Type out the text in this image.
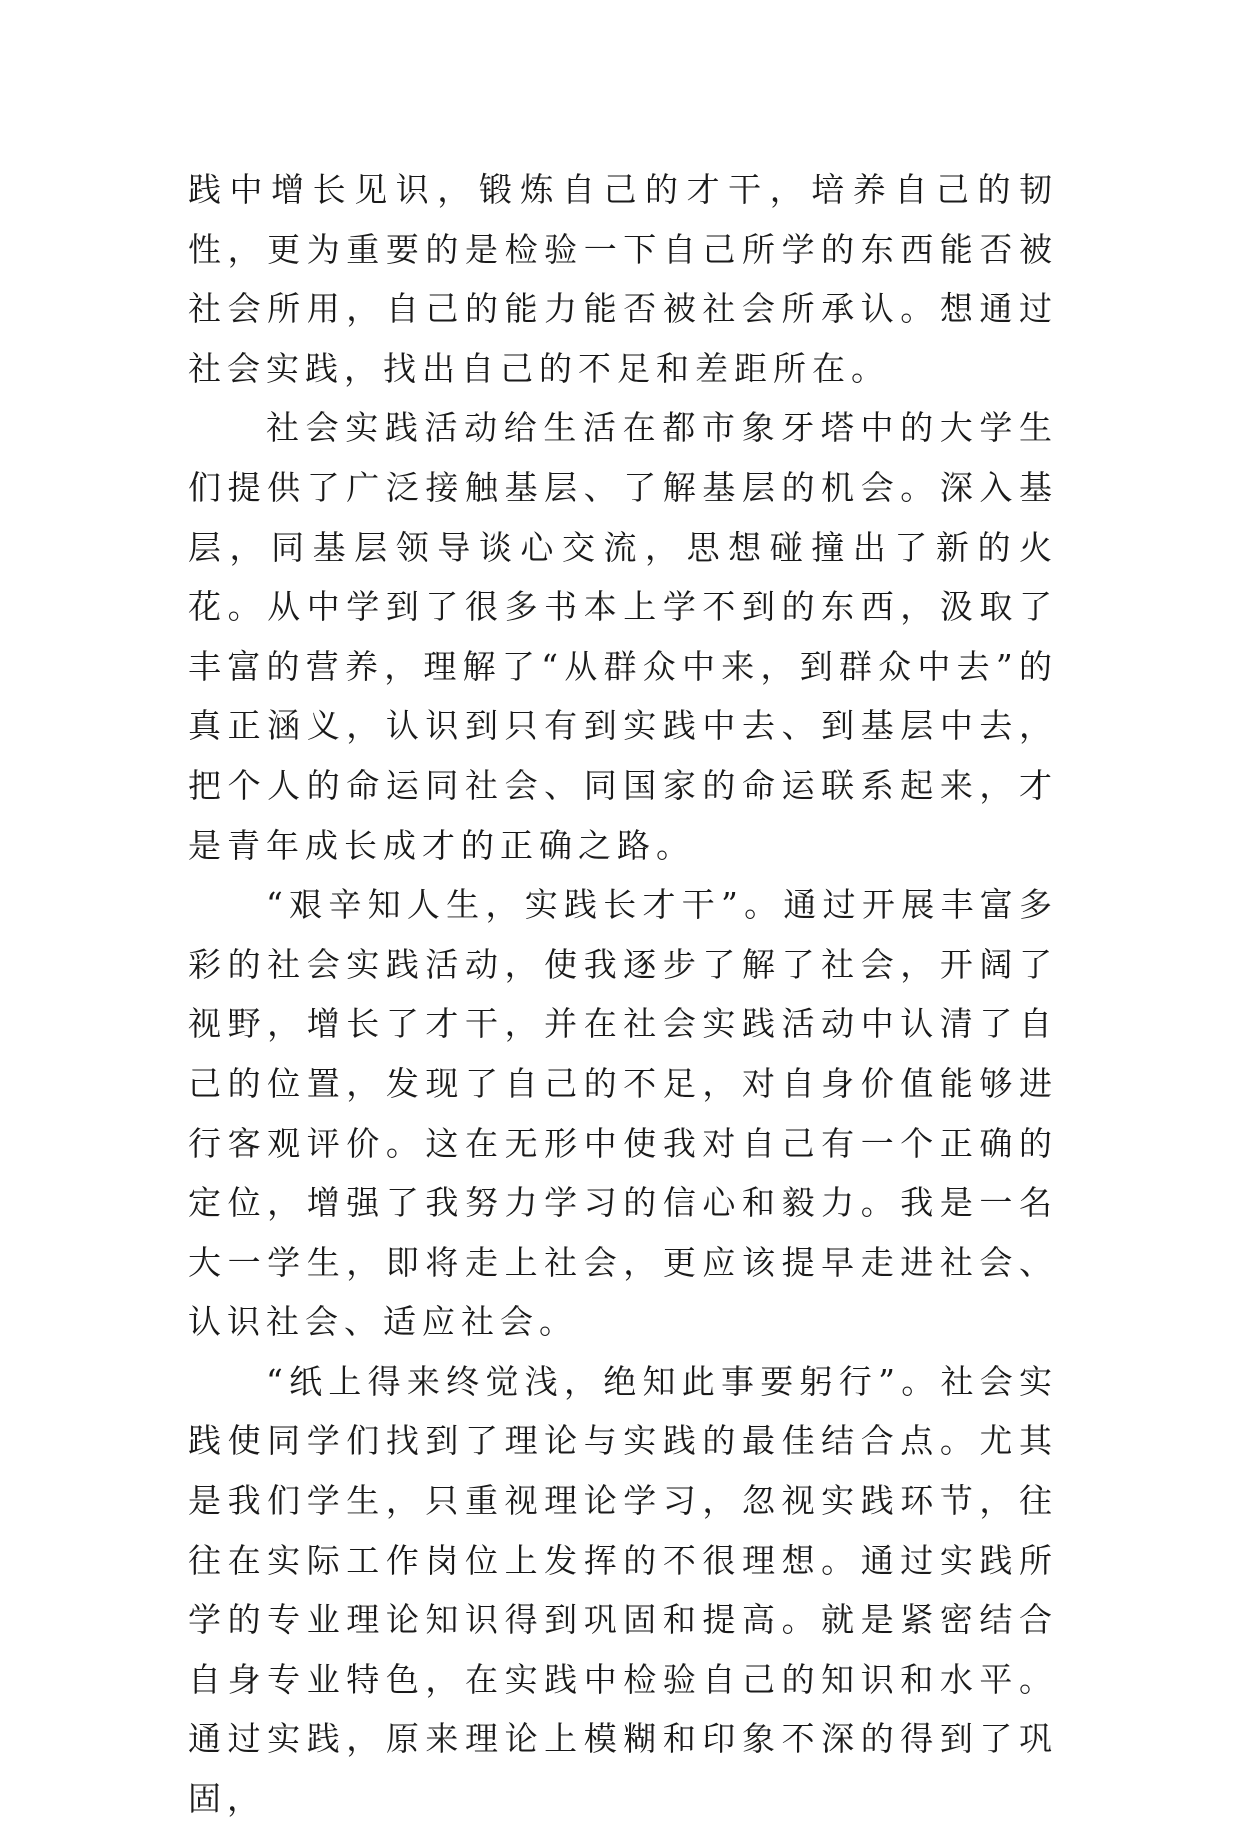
践中增长见识，锻炼自己的才干，培养自己的韧性，更为重要的是检验一下自己所学的东西能否被社会所用，自己的能力能否被社会所承认。想通过社会实践，找出自己的不足和差距所在。

社会实践活动给生活在都市象牙塔中的大学生们提供了广泛接触基层、了解基层的机会。深入基层，同基层领导谈心交流，思想碰撞出了新的火花。从中学到了很多书本上学不到的东西，汲取了丰富的营养，理解了“从群众中来，到群众中去”的真正涵义，认识到只有到实践中去、到基层中去，把个人的命运同社会、同国家的命运联系起来，才是青年成长成才的正确之路。

“艰辛知人生，实践长才干”。通过开展丰富多彩的社会实践活动，使我逐步了解了社会，开阔了视野，增长了才干，并在社会实践活动中认清了自己的位置，发现了自己的不足，对自身价值能够进行客观评价。这在无形中使我对自己有一个正确的定位，增强了我努力学习的信心和毅力。我是一名大一学生，即将走上社会，更应该提早走进社会、认识社会、适应社会。

“纸上得来终觉浅，绝知此事要躬行”。社会实践使同学们找到了理论与实践的最佳结合点。尤其是我们学生，只重视理论学习，忽视实践环节，往往在实际工作岗位上发挥的不很理想。通过实践所学的专业理论知识得到巩固和提高。就是紧密结合自身专业特色，在实践中检验自己的知识和水平。通过实践，原来理论上模糊和印象不深的得到了巩固，
